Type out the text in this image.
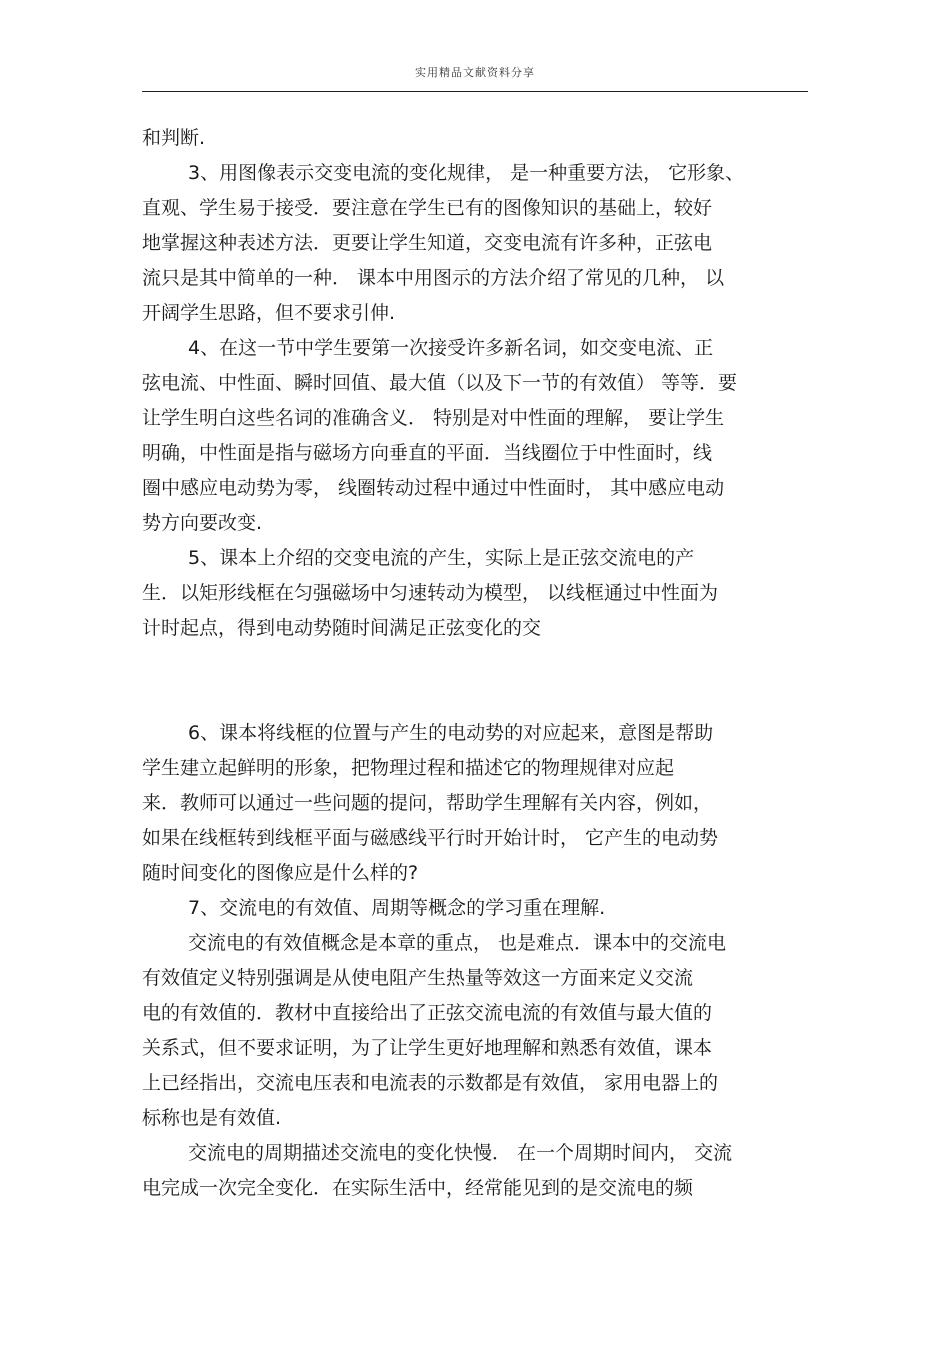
实用精品文献资料分享
和判断.
3、用图像表示交变电流的变化规律， 是一种重要方法， 它形象、
直观、学生易于接受．要注意在学生已有的图像知识的基础上，较好
地掌握这种表述方法．更要让学生知道，交变电流有许多种，正弦电
流只是其中简单的一种． 课本中用图示的方法介绍了常见的几种， 以
开阔学生思路，但不要求引伸.
4、在这一节中学生要第一次接受许多新名词，如交变电流、正
弦电流、中性面、瞬时回值、最大值（以及下一节的有效值） 等等．要
让学生明白这些名词的准确含义． 特别是对中性面的理解， 要让学生
明确，中性面是指与磁场方向垂直的平面．当线圈位于中性面时，线
圈中感应电动势为零， 线圈转动过程中通过中性面时， 其中感应电动
势方向要改变.
5、课本上介绍的交变电流的产生，实际上是正弦交流电的产
生．以矩形线框在匀强磁场中匀速转动为模型， 以线框通过中性面为
计时起点，得到电动势随时间满足正弦变化的交
6、课本将线框的位置与产生的电动势的对应起来，意图是帮助
学生建立起鲜明的形象，把物理过程和描述它的物理规律对应起
来．教师可以通过一些问题的提问，帮助学生理解有关内容，例如，
如果在线框转到线框平面与磁感线平行时开始计时， 它产生的电动势
随时间变化的图像应是什么样的?
7、交流电的有效值、周期等概念的学习重在理解.
交流电的有效值概念是本章的重点， 也是难点．课本中的交流电
有效值定义特别强调是从使电阻产生热量等效这一方面来定义交流
电的有效值的．教材中直接给出了正弦交流电流的有效值与最大值的
关系式，但不要求证明，为了让学生更好地理解和熟悉有效值，课本
上已经指出，交流电压表和电流表的示数都是有效值， 家用电器上的
标称也是有效值.
交流电的周期描述交流电的变化快慢． 在一个周期时间内， 交流
电完成一次完全变化．在实际生活中，经常能见到的是交流电的频
